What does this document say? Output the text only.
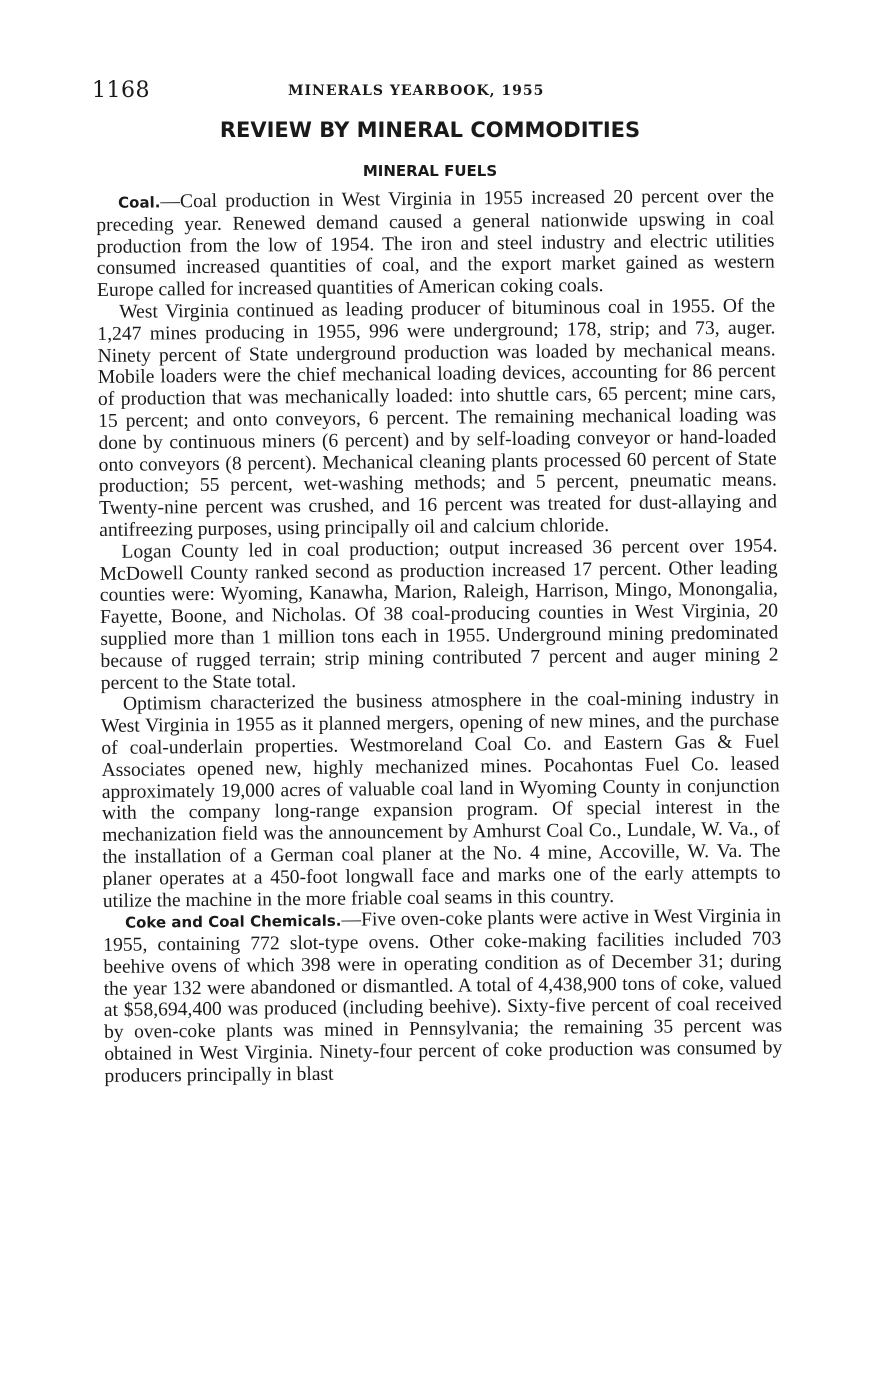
1168	MINERALS YEARBOOK, 1955
REVIEW BY MINERAL COMMODITIES
MINERAL FUELS

Coal.—Coal production in West Virginia in 1955 increased 20 percent over the preceding year. Renewed demand caused a general nationwide upswing in coal production from the low of 1954. The iron and steel industry and electric utilities consumed increased quantities of coal, and the export market gained as western Europe called for increased quantities of American coking coals.

West Virginia continued as leading producer of bituminous coal in 1955. Of the 1,247 mines producing in 1955, 996 were underground; 178, strip; and 73, auger. Ninety percent of State underground production was loaded by mechanical means. Mobile loaders were the chief mechanical loading devices, accounting for 86 percent of production that was mechanically loaded: into shuttle cars, 65 percent; mine cars, 15 percent; and onto conveyors, 6 percent. The remaining mechanical loading was done by continuous miners (6 percent) and by self-loading conveyor or hand-loaded onto conveyors (8 percent). Mechanical cleaning plants processed 60 percent of State production; 55 percent, wet-washing methods; and 5 percent, pneumatic means. Twenty-nine percent was crushed, and 16 percent was treated for dust-allaying and antifreezing purposes, using principally oil and calcium chloride.

Logan County led in coal production; output increased 36 percent over 1954. McDowell County ranked second as production increased 17 percent. Other leading counties were: Wyoming, Kanawha, Marion, Raleigh, Harrison, Mingo, Monongalia, Fayette, Boone, and Nicholas. Of 38 coal-producing counties in West Virginia, 20 supplied more than 1 million tons each in 1955. Underground mining predominated because of rugged terrain; strip mining contributed 7 percent and auger mining 2 percent to the State total.

Optimism characterized the business atmosphere in the coal-mining industry in West Virginia in 1955 as it planned mergers, opening of new mines, and the purchase of coal-underlain properties. Westmoreland Coal Co. and Eastern Gas & Fuel Associates opened new, highly mechanized mines. Pocahontas Fuel Co. leased approximately 19,000 acres of valuable coal land in Wyoming County in conjunction with the company long-range expansion program. Of special interest in the mechanization field was the announcement by Amhurst Coal Co., Lundale, W. Va., of the installation of a German coal planer at the No. 4 mine, Accoville, W. Va. The planer operates at a 450-foot longwall face and marks one of the early attempts to utilize the machine in the more friable coal seams in this country.

Coke and Coal Chemicals.—Five oven-coke plants were active in West Virginia in 1955, containing 772 slot-type ovens. Other coke-making facilities included 703 beehive ovens of which 398 were in operating condition as of December 31; during the year 132 were abandoned or dismantled. A total of 4,438,900 tons of coke, valued at $58,694,400 was produced (including beehive). Sixty-five percent of coal received by oven-coke plants was mined in Pennsylvania; the remaining 35 percent was obtained in West Virginia. Ninety-four percent of coke production was consumed by producers principally in blast
